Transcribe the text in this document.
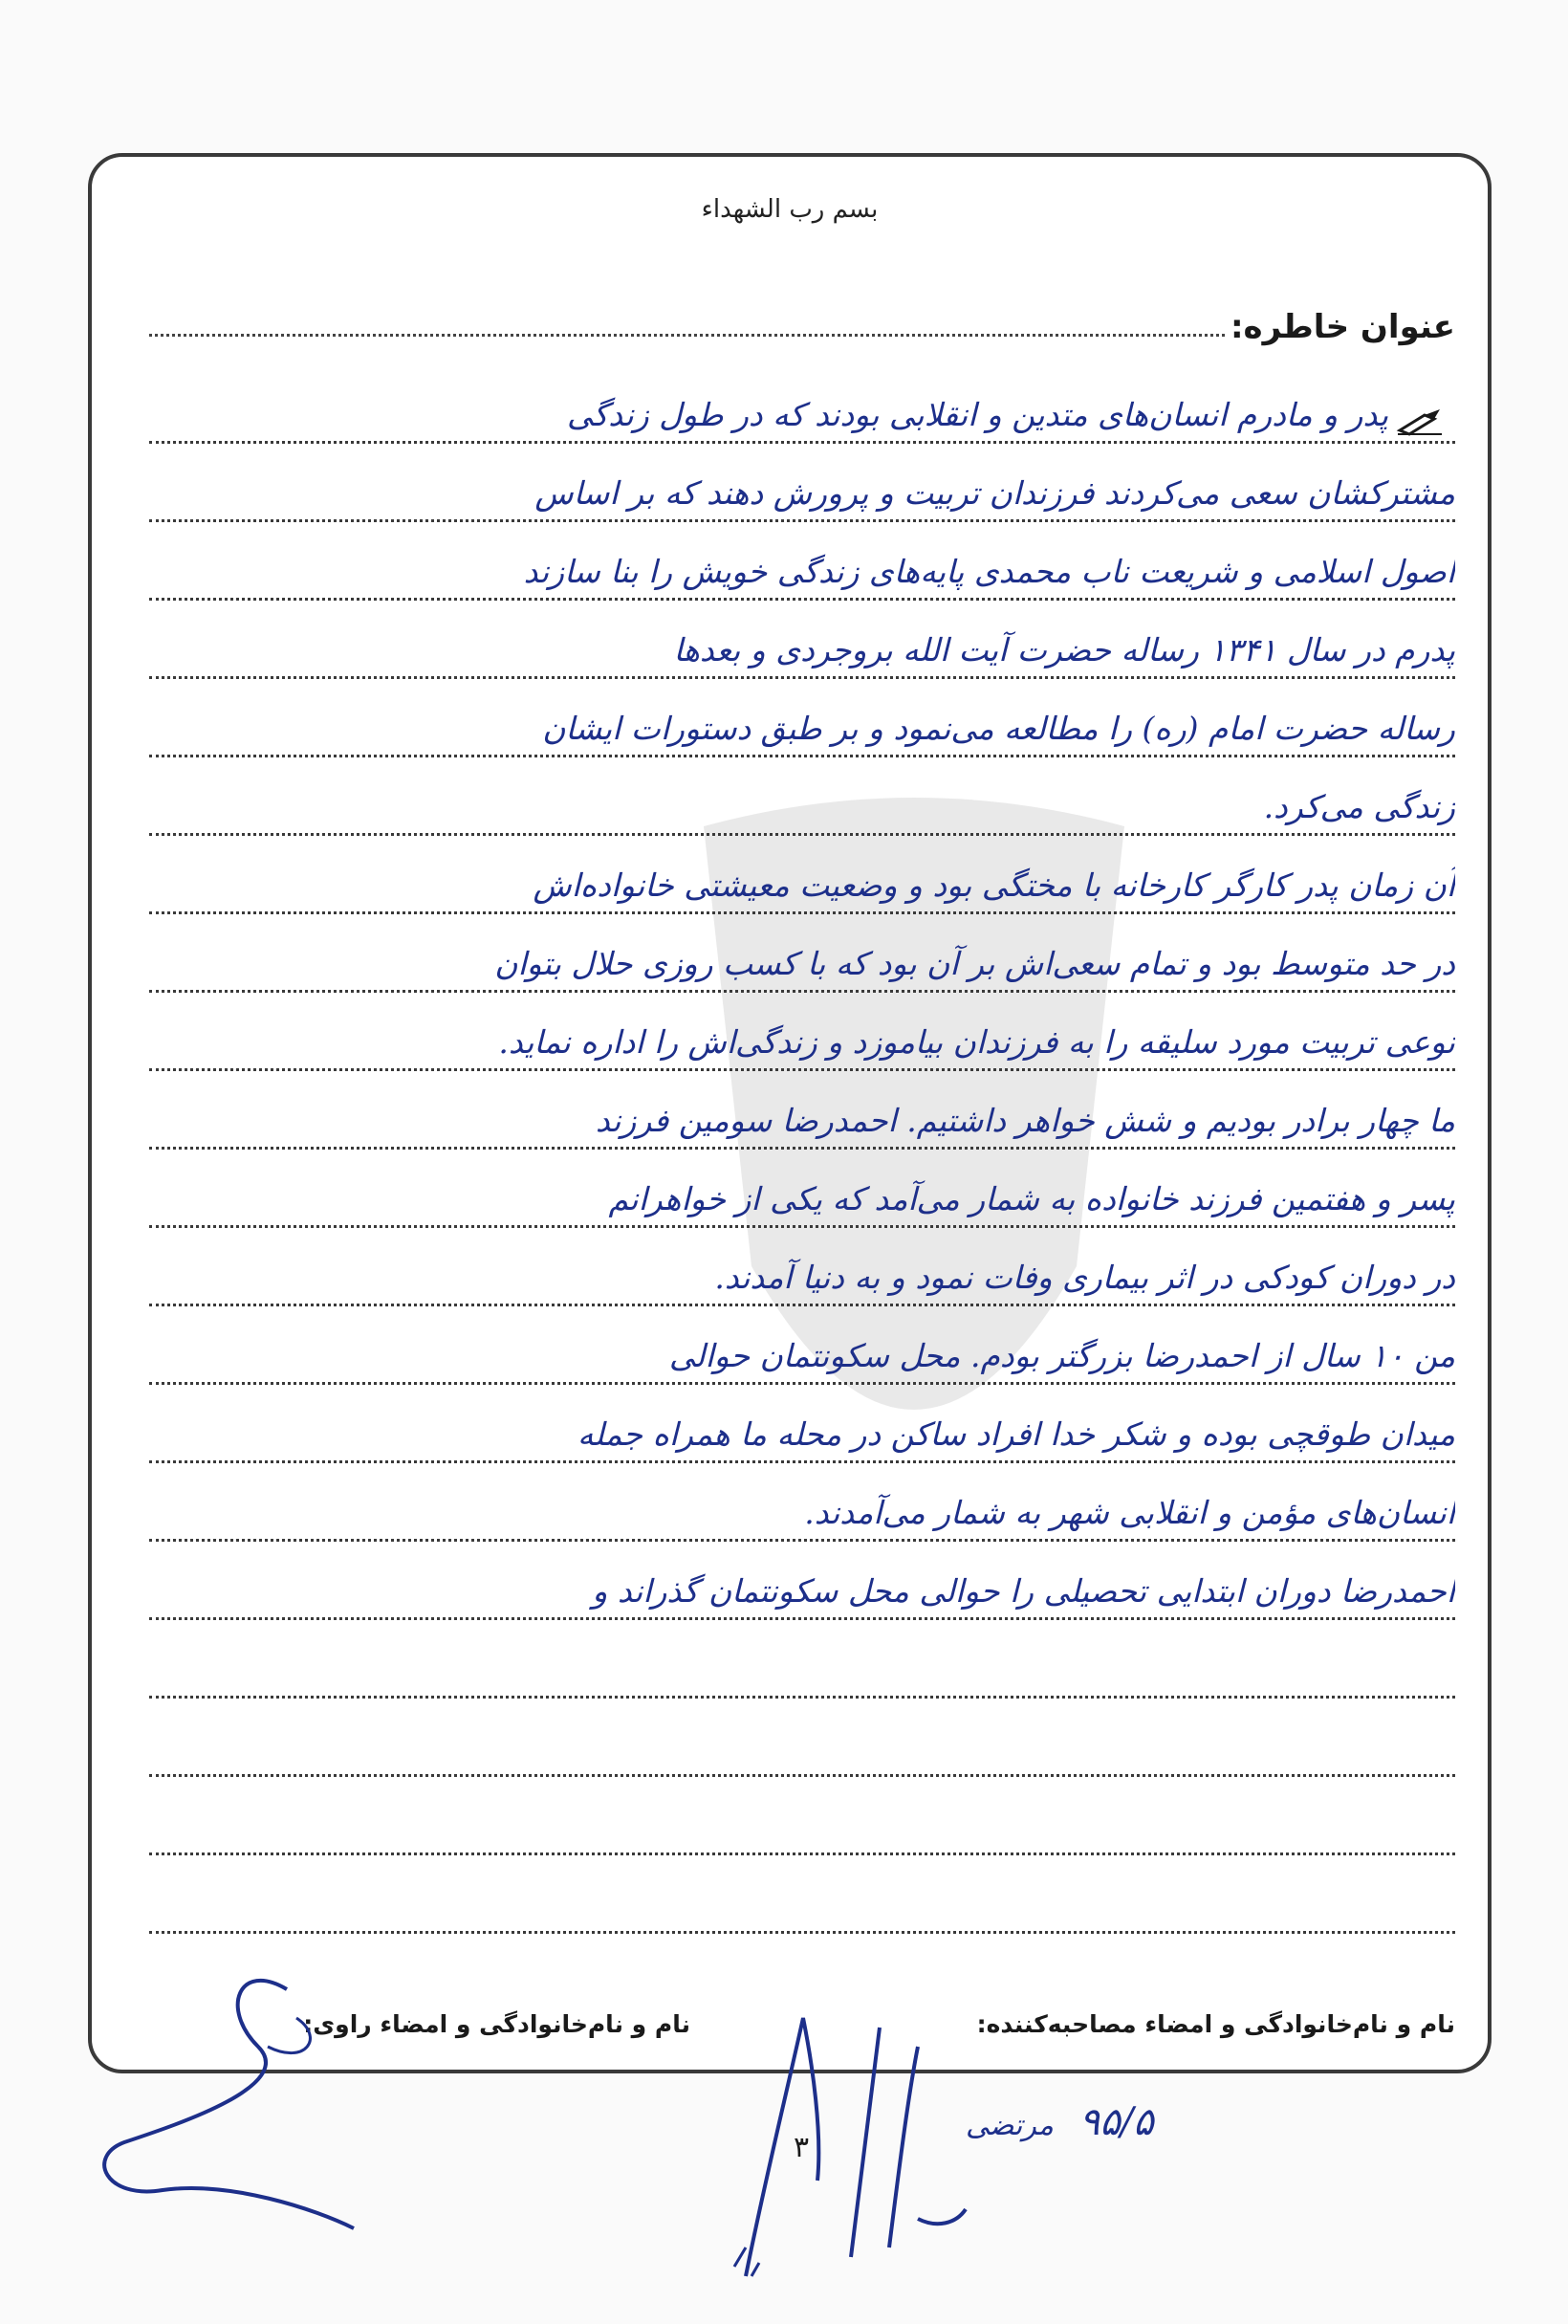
بسم رب الشهداء
عنوان خاطره:
پدر و مادرم انسان‌های متدین و انقلابی بودند که در طول زندگی
مشترکشان سعی می‌کردند فرزندان تربیت و پرورش دهند که بر اساس
اصول اسلامی و شریعت ناب محمدی پایه‌های زندگی خویش را بنا سازند
پدرم در سال ۱۳۴۱ رساله حضرت آیت الله بروجردی و بعدها
رساله حضرت امام (ره) را مطالعه می‌نمود و بر طبق دستورات ایشان
زندگی می‌کرد.
آن زمان پدر کارگر کارخانه با مختگی بود و وضعیت معیشتی خانواده‌اش
در حد متوسط بود و تمام سعی‌اش بر آن بود که با کسب روزی حلال بتوان
نوعی تربیت مورد سلیقه را به فرزندان بیاموزد و زندگی‌اش را اداره نماید.
ما چهار برادر بودیم و شش خواهر داشتیم. احمدرضا سومین فرزند
پسر و هفتمین فرزند خانواده به شمار می‌آمد که یکی از خواهرانم
در دوران کودکی در اثر بیماری وفات نمود و به دنیا آمدند.
من ۱۰ سال از احمدرضا بزرگتر بودم. محل سکونتمان حوالی
میدان طوقچی بوده و شکر خدا افراد ساکن در محله ما همراه جمله
انسان‌های مؤمن و انقلابی شهر به شمار می‌آمدند.
احمدرضا دوران ابتدایی تحصیلی را حوالی محل سکونتمان گذراند و
نام و نام‌خانوادگی و امضاء مصاحبه‌کننده:
نام و نام‌خانوادگی و امضاء راوی:
۳
۹۵/۵ مرتضی
